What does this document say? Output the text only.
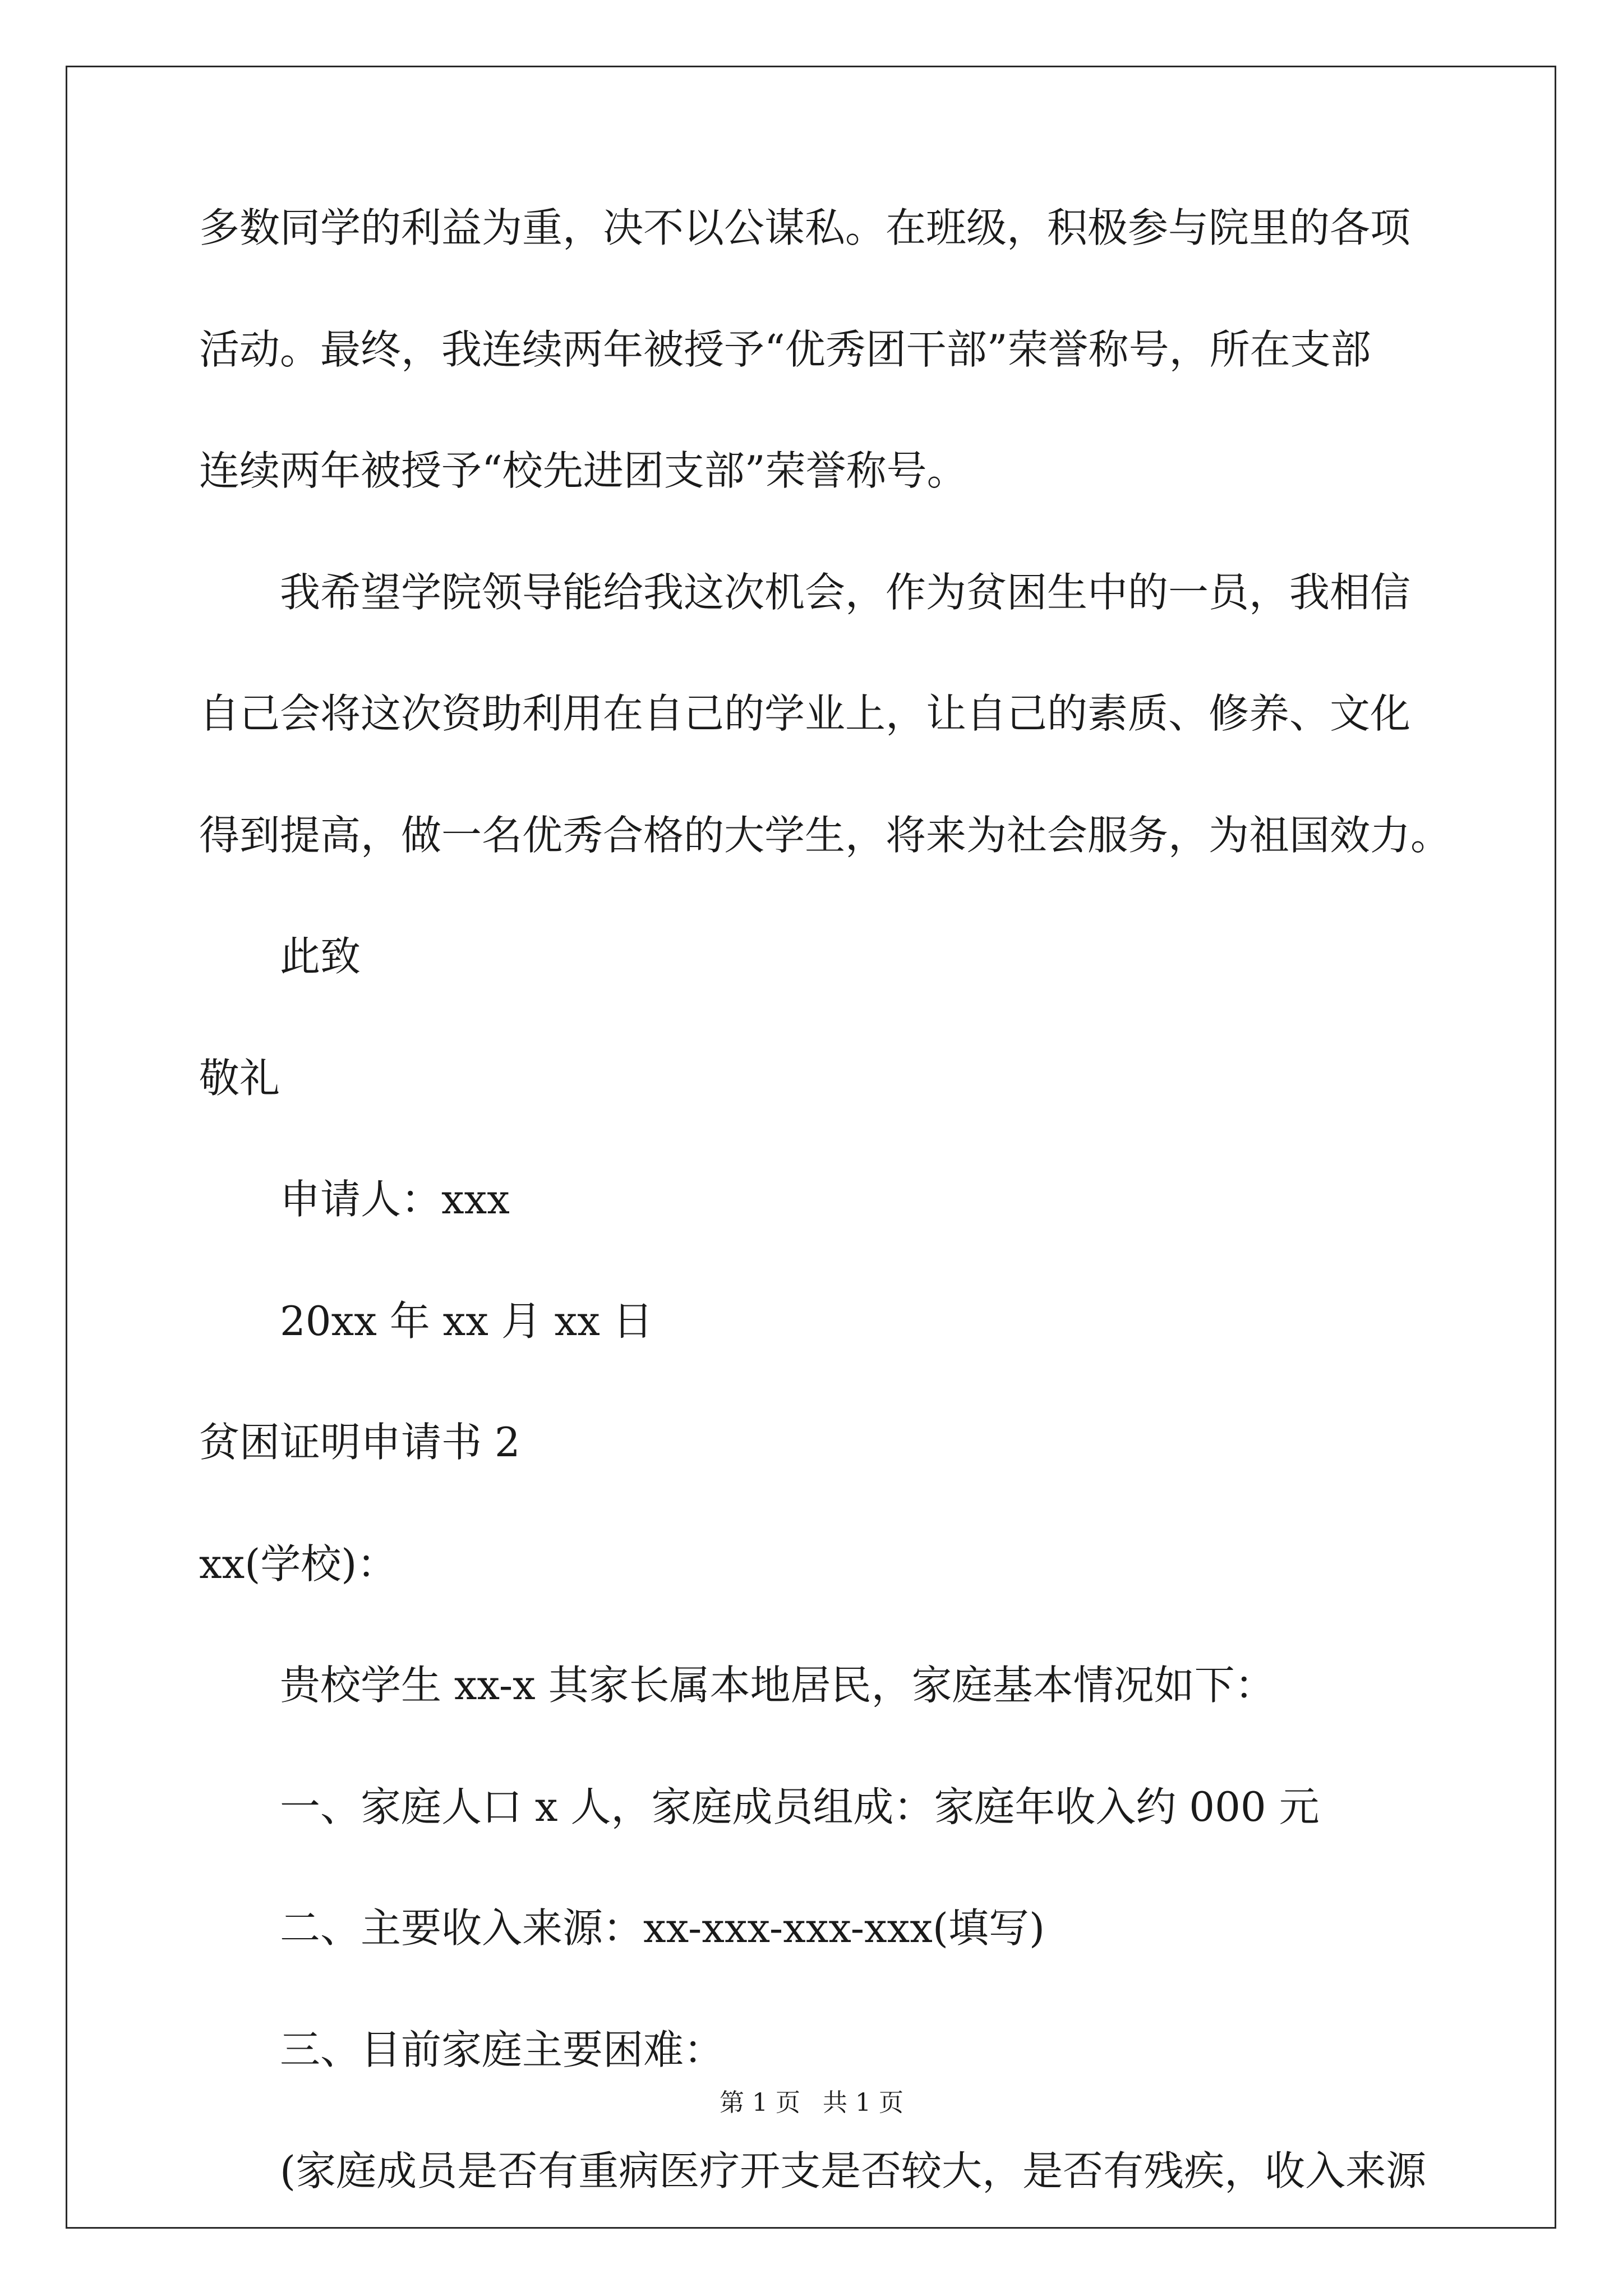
多数同学的利益为重，决不以公谋私。在班级，积极参与院里的各项
活动。最终，我连续两年被授予“优秀团干部”荣誉称号，所在支部
连续两年被授予“校先进团支部”荣誉称号。
我希望学院领导能给我这次机会，作为贫困生中的一员，我相信
自己会将这次资助利用在自己的学业上，让自己的素质、修养、文化
得到提高，做一名优秀合格的大学生，将来为社会服务，为祖国效力。
此致
敬礼
申请人：xxx
20xx 年 xx 月 xx 日
贫困证明申请书 2
xx(学校)：
贵校学生 xx-x 其家长属本地居民，家庭基本情况如下：
一、家庭人口 x 人，家庭成员组成：家庭年收入约 000 元
二、主要收入来源：xx-xxx-xxx-xxx(填写)
三、目前家庭主要困难：
(家庭成员是否有重病医疗开支是否较大，是否有残疾，收入来源
第 1 页 共 1 页
